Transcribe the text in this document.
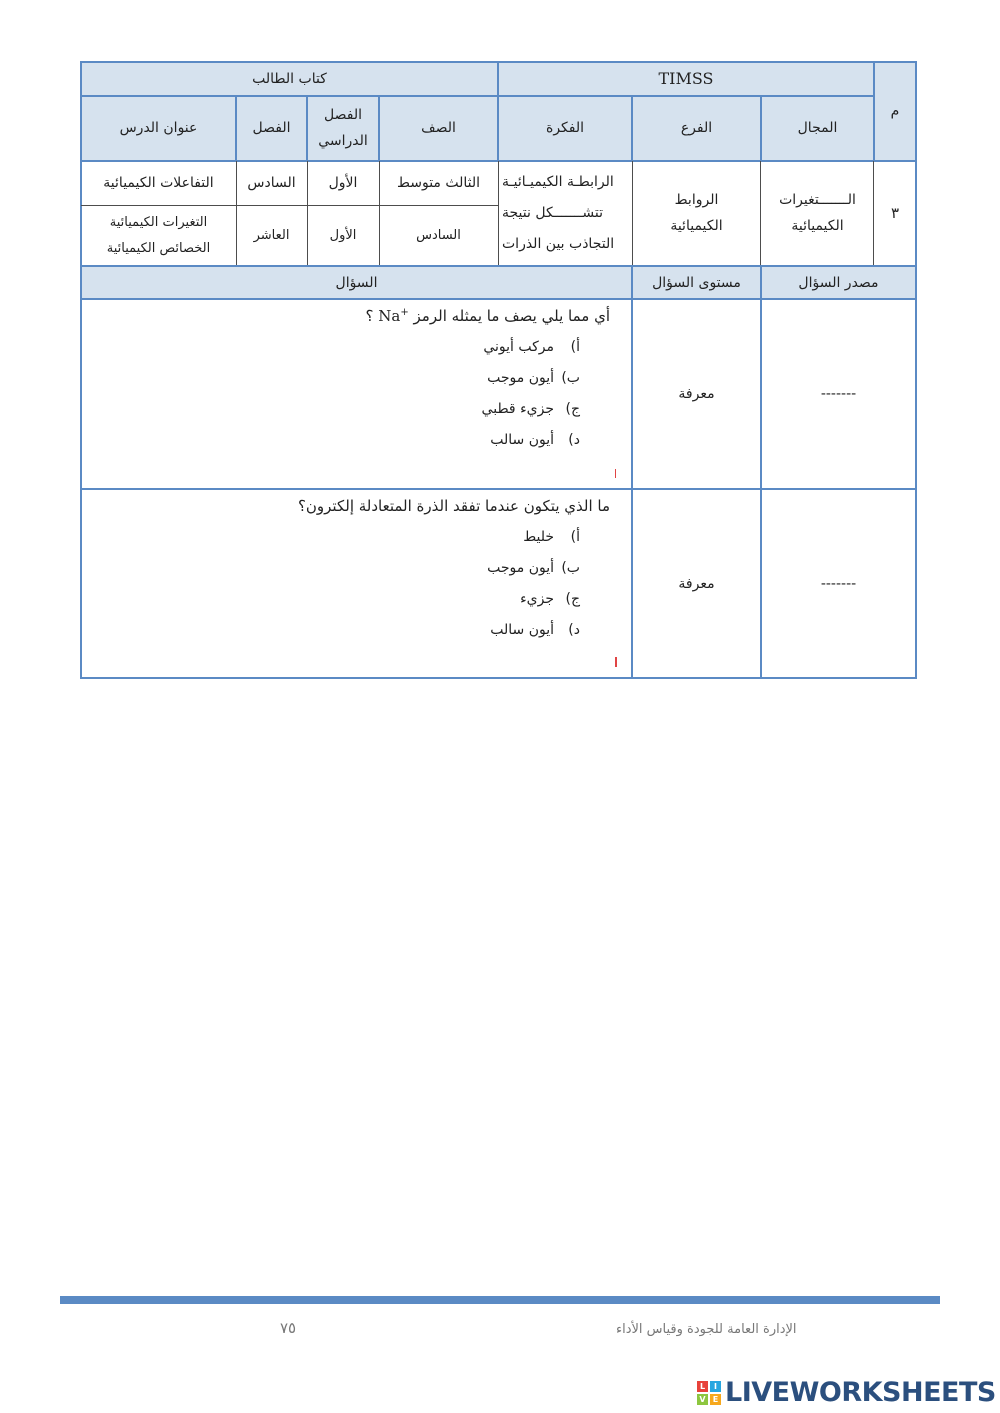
م
TIMSS
كتاب الطالب
المجال
الفرع
الفكرة
الصف
الفصل
الدراسي
الفصل
عنوان الدرس
٣
الـــــــتغيرات
الكيميائية
الروابط
الكيميائية
الرابطـة الكيميـائيـة
تتشـــــــكل نتيجة
التجاذب بين الذرات
الثالث متوسط
الأول
السادس
التفاعلات الكيميائية
السادس
الأول
العاشر
التغيرات الكيميائية
الخصائص الكيميائية
مصدر السؤال
مستوى السؤال
السؤال
-------
معرفة
أي مما يلي يصف ما يمثله الرمز Na+ ؟
أ)مركب أيوني
ب)أيون موجب
ج)جزيء قطبي
د)أيون سالب
-------
معرفة
ما الذي يتكون عندما تفقد الذرة المتعادلة إلكترون؟
أ)خليط
ب)أيون موجب
ج)جزيء
د)أيون سالب
٧٥	الإدارة العامة للجودة وقياس الأداء
L	I
V E LIVEWORKSHEETS
